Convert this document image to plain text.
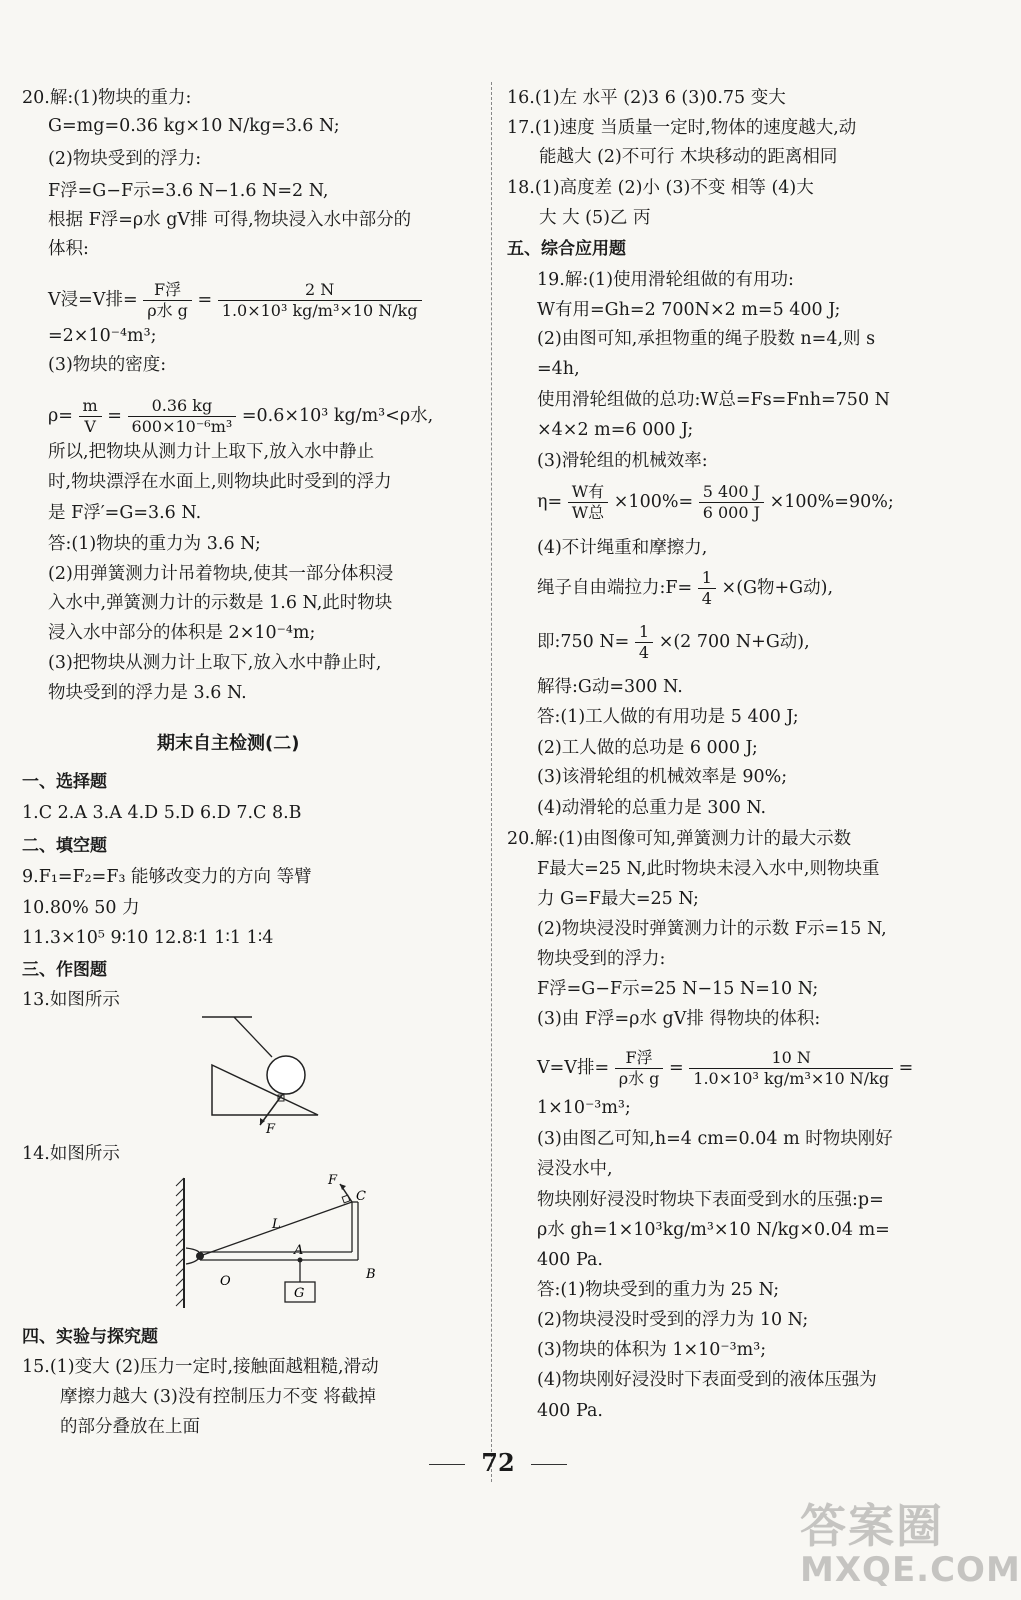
20.解:(1)物块的重力:
G=mg=0.36 kg×10 N/kg=3.6 N;
(2)物块受到的浮力:
F浮=G−F示=3.6 N−1.6 N=2 N,
根据 F浮=ρ水 gV排 可得,物块浸入水中部分的
体积:
V浸=V排= $\frac{\text{F浮}}{\text{ρ水 g}} = \frac{2 N}{\text{1.0×10³ kg/m³×10 N/kg}}$
=2×10⁻⁴m³;
(3)物块的密度:
$\rho= \frac{m}{V} = \frac{0.36 kg}{\text{600×10⁻⁶m³}} =0.6\times 10^3$ kg/m³<ρ水,
所以,把物块从测力计上取下,放入水中静止
时,物块漂浮在水面上,则物块此时受到的浮力
是 F浮′=G=3.6 N.
答:(1)物块的重力为 3.6 N;
(2)用弹簧测力计吊着物块,使其一部分体积浸
入水中,弹簧测力计的示数是 1.6 N,此时物块
浸入水中部分的体积是 2×10⁻⁴m;
(3)把物块从测力计上取下,放入水中静止时,
物块受到的浮力是 3.6 N.
期末自主检测(二)
一、选择题
1.C 2.A 3.A 4.D 5.D 6.D 7.C 8.B
二、填空题
9.F₁=F₂=F₃ 能够改变力的方向 等臂
10.80% 50 力
11.3×10⁵ 9∶10 12.8∶1 1∶1 1∶4
三、作图题
13.如图所示
F
14.如图所示
F
C
L
A
O	B
G
四、实验与探究题
15.(1)变大 (2)压力一定时,接触面越粗糙,滑动
摩擦力越大 (3)没有控制压力不变 将截掉
的部分叠放在上面
16.(1)左 水平 (2)3 6 (3)0.75 变大
17.(1)速度 当质量一定时,物体的速度越大,动
能越大 (2)不可行 木块移动的距离相同
18.(1)高度差 (2)小 (3)不变 相等 (4)大
大 大 (5)乙 丙
五、综合应用题
19.解:(1)使用滑轮组做的有用功:
W有用=Gh=2 700N×2 m=5 400 J;
(2)由图可知,承担物重的绳子股数 n=4,则 s
=4h,
使用滑轮组做的总功:W总=Fs=Fnh=750 N
×4×2 m=6 000 J;
(3)滑轮组的机械效率:
$\eta= \frac{\text{W有}}{\text{W总}} \times 100\%= \frac{5 400 J}{6 000 J} \times 100\%=90\%$;
(4)不计绳重和摩擦力,
绳子自由端拉力:F= $\frac{1}{4} \times(G$物+G动),
即:750 $N= \frac{1}{4} \times(2$ 700 N+G动),
解得:G动=300 N.
答:(1)工人做的有用功是 5 400 J;
(2)工人做的总功是 6 000 J;
(3)该滑轮组的机械效率是 90%;
(4)动滑轮的总重力是 300 N.
20.解:(1)由图像可知,弹簧测力计的最大示数
F最大=25 N,此时物块未浸入水中,则物块重
力 G=F最大=25 N;
(2)物块浸没时弹簧测力计的示数 F示=15 N,
物块受到的浮力:
F浮=G−F示=25 N−15 N=10 N;
(3)由 F浮=ρ水 gV排 得物块的体积:
V=V排= $\frac{\text{F浮}}{\text{ρ水 g}} = \frac{10 N}{\text{1.0×10³ kg/m³×10 N/kg}}$ =
1×10⁻³m³;
(3)由图乙可知,h=4 cm=0.04 m 时物块刚好
浸没水中,
物块刚好浸没时物块下表面受到水的压强:p=
ρ水 gh=1×10³kg/m³×10 N/kg×0.04 m=
400 Pa.
答:(1)物块受到的重力为 25 N;
(2)物块浸没时受到的浮力为 10 N;
(3)物块的体积为 1×10⁻³m³;
(4)物块刚好浸没时下表面受到的液体压强为
400 Pa.
72
答案圈
MXQE.COM
